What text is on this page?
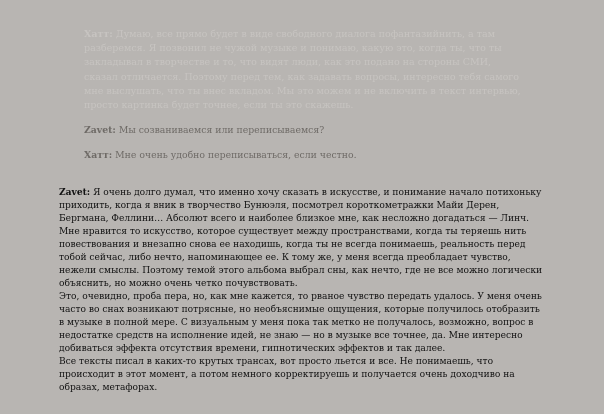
Хатт: Думаю, все прямо будет в виде свободного диалога пофантазийнить, а там разберемся. Я позвонил не чужой музыке и понимаю, какую это, когда ты, что ты закладывал в творчестве и то, что видят люди, как это подано на стороны СМИ, сказал отличается. Поэтому перед тем, как задавать вопросы, интересно тебя самого мне выслушать, что ты внес вкладом. Мы это можем и не включить в текст интервью, просто картинка будет точнее, если ты это скажешь.

Zavet: Мы созваниваемся или переписываемся?

Хатт: Мне очень удобно переписываться, если честно.

Zavet: Я очень долго думал, что именно хочу сказать в искусстве, и понимание начало потихоньку приходить, когда я вник в творчество Бунюэля, посмотрел короткометражки Майи Дерен, Бергмана, Феллини… Абсолют всего и наиболее близкое мне, как несложно догадаться — Линч. Мне нравится то искусство, которое существует между пространствами, когда ты теряешь нить повествования и внезапно снова ее находишь, когда ты не всегда понимаешь, реальность перед тобой сейчас, либо нечто, напоминающее ее. К тому же, у меня всегда преобладает чувство, нежели смыслы. Поэтому темой этого альбома выбрал сны, как нечто, где не все можно логически объяснить, но можно очень четко почувствовать.

Это, очевидно, проба пера, но, как мне кажется, то рваное чувство передать удалось. У меня очень часто во снах возникают потрясные, но необъяснимые ощущения, которые получилось отобразить в музыке в полной мере. С визуальным у меня пока так метко не получалось, возможно, вопрос в недостатке средств на исполнение идей, не знаю — но в музыке все точнее, да. Мне интересно добиваться эффекта отсутствия времени, гипнотических эффектов и так далее.

Все тексты писал в каких-то крутых трансах, вот просто льется и все. Не понимаешь, что происходит в этот момент, а потом немного корректируешь и получается очень доходчиво на образах, метафорах.
